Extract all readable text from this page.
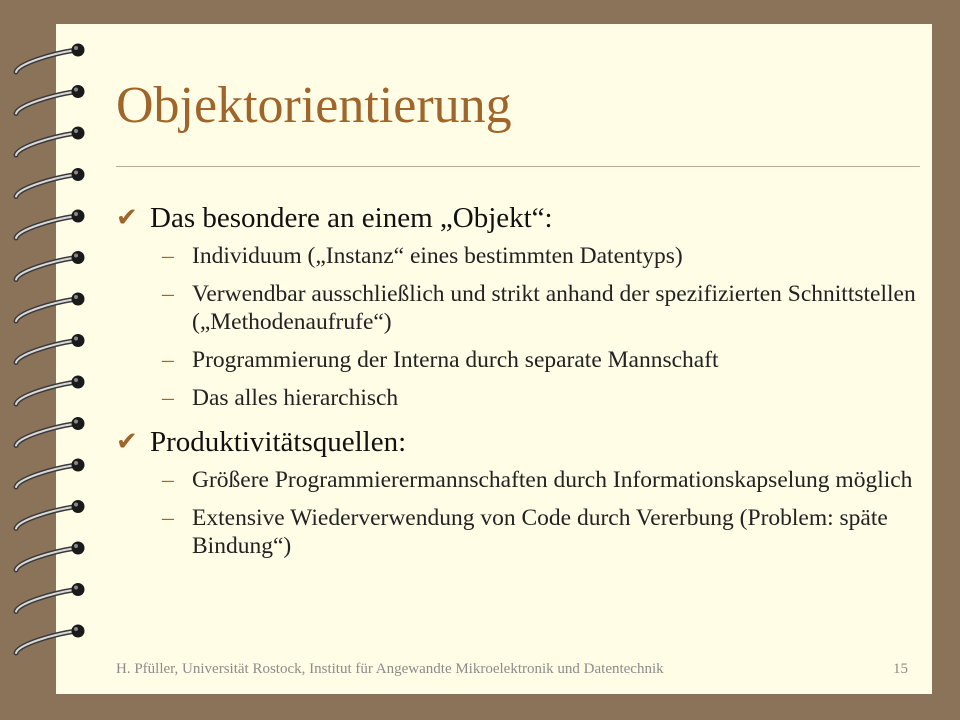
Objektorientierung

✔ Das besondere an einem „Objekt“:

– Individuum („Instanz“ eines bestimmten Datentyps)
– Verwendbar ausschließlich und strikt anhand der spezifizierten Schnittstellen („Methodenaufrufe“)
– Programmierung der Interna durch separate Mannschaft
– Das alles hierarchisch

✔ Produktivitätsquellen:

– Größere Programmierermannschaften durch Informationskapselung möglich
– Extensive Wiederverwendung von Code durch Vererbung (Problem: späte Bindung“)
H. Pfüller, Universität Rostock, Institut für Angewandte Mikroelektronik und Datentechnik	15
